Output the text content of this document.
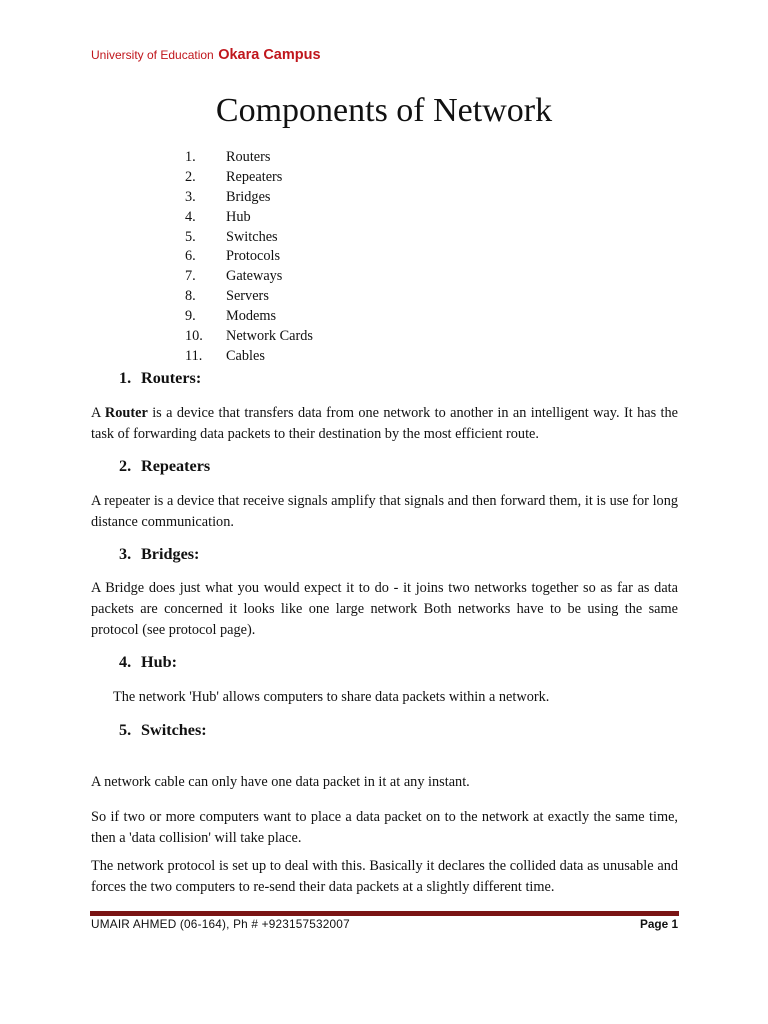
University of Education Okara Campus
Components of Network
1.	Routers
2.	Repeaters
3.	Bridges
4.	Hub
5.	Switches
6.	Protocols
7.	Gateways
8.	Servers
9.	Modems
10.	Network Cards
11.	Cables
1. Routers:

A Router is a device that transfers data from one network to another in an intelligent way. It has the task of forwarding data packets to their destination by the most efficient route.

2. Repeaters

A repeater is a device that receive signals amplify that signals and then forward them, it is use for long distance communication.

3. Bridges:

A Bridge does just what you would expect it to do - it joins two networks together so as far as data packets are concerned it looks like one large network Both networks have to be using the same protocol (see protocol page).

4. Hub:

The network 'Hub' allows computers to share data packets within a network.

5. Switches:

A network cable can only have one data packet in it at any instant.

So if two or more computers want to place a data packet on to the network at exactly the same time, then a 'data collision' will take place.

The network protocol is set up to deal with this. Basically it declares the collided data as unusable and forces the two computers to re-send their data packets at a slightly different time.

UMAIR AHMED (06-164), Ph # +923157532007	Page 1
